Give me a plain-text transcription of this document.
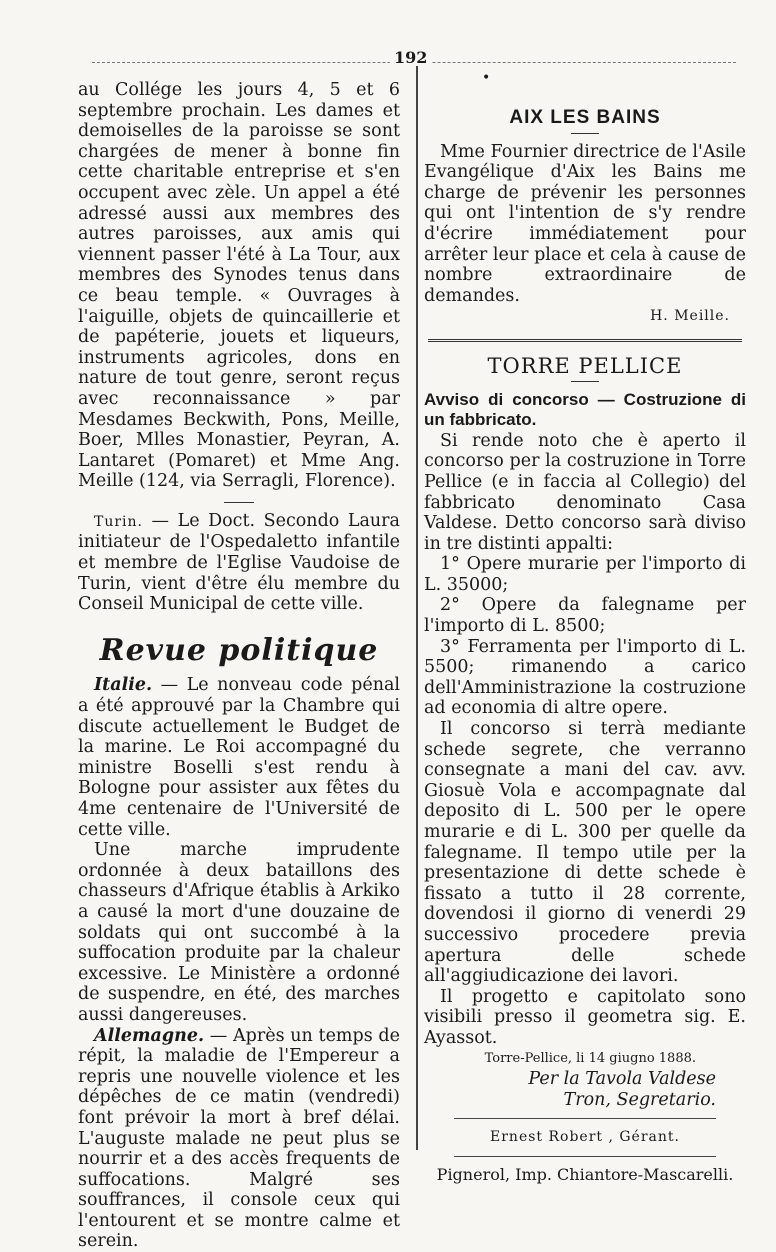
192
•

au Collége les jours 4, 5 et 6 septembre prochain. Les dames et demoiselles de la paroisse se sont chargées de mener à bonne fin cette charitable entreprise et s'en occupent avec zèle. Un appel a été adressé aussi aux membres des autres paroisses, aux amis qui viennent passer l'été à La Tour, aux membres des Synodes tenus dans ce beau temple. « Ouvrages à l'aiguille, objets de quincaillerie et de papéterie, jouets et liqueurs, instruments agricoles, dons en nature de tout genre, seront reçus avec reconnaissance » par Mesdames Beckwith, Pons, Meille, Boer, Mlles Monastier, Peyran, A. Lantaret (Pomaret) et Mme Ang. Meille (124, via Serragli, Florence).

Turin. — Le Doct. Secondo Laura initiateur de l'Ospedaletto infantile et membre de l'Eglise Vaudoise de Turin, vient d'être élu membre du Conseil Municipal de cette ville.

Revue politique

Italie. — Le nonveau code pénal a été approuvé par la Chambre qui discute actuellement le Budget de la marine. Le Roi accompagné du ministre Boselli s'est rendu à Bologne pour assister aux fêtes du 4me centenaire de l'Université de cette ville.

Une marche imprudente ordonnée à deux bataillons des chasseurs d'Afrique établis à Arkiko a causé la mort d'une douzaine de soldats qui ont succombé à la suffocation produite par la chaleur excessive. Le Ministère a ordonné de suspendre, en été, des marches aussi dangereuses.

Allemagne. — Après un temps de répit, la maladie de l'Empereur a repris une nouvelle violence et les dépêches de ce matin (vendredi) font prévoir la mort à bref délai. L'auguste malade ne peut plus se nourrir et a des accès frequents de suffocations. Malgré ses souffrances, il console ceux qui l'entourent et se montre calme et serein.

AIX LES BAINS

Mme Fournier directrice de l'Asile Evangélique d'Aix les Bains me charge de prévenir les personnes qui ont l'intention de s'y rendre d'écrire immédiatement pour arrêter leur place et cela à cause de nombre extraordinaire de demandes.

H. Meille.
TORRE PELLICE

Avviso di concorso — Costruzione di un fabbricato.

Si rende noto che è aperto il concorso per la costruzione in Torre Pellice (e in faccia al Collegio) del fabbricato denominato Casa Valdese. Detto concorso sarà diviso in tre distinti appalti:

1° Opere murarie per l'importo di L. 35000;

2° Opere da falegname per l'importo di L. 8500;

3° Ferramenta per l'importo di L. 5500; rimanendo a carico dell'Amministrazione la costruzione ad economia di altre opere.

Il concorso si terrà mediante schede segrete, che verranno consegnate a mani del cav. avv. Giosuè Vola e accompagnate dal deposito di L. 500 per le opere murarie e di L. 300 per quelle da falegname. Il tempo utile per la presentazione di dette schede è fissato a tutto il 28 corrente, dovendosi il giorno di venerdi 29 successivo procedere previa apertura delle schede all'aggiudicazione dei lavori.

Il progetto e capitolato sono visibili presso il geometra sig. E. Ayassot.

Torre-Pellice, li 14 giugno 1888.
Per la Tavola Valdese
Tron, Segretario.
Ernest Robert , Gérant.
Pignerol, Imp. Chiantore-Mascarelli.
